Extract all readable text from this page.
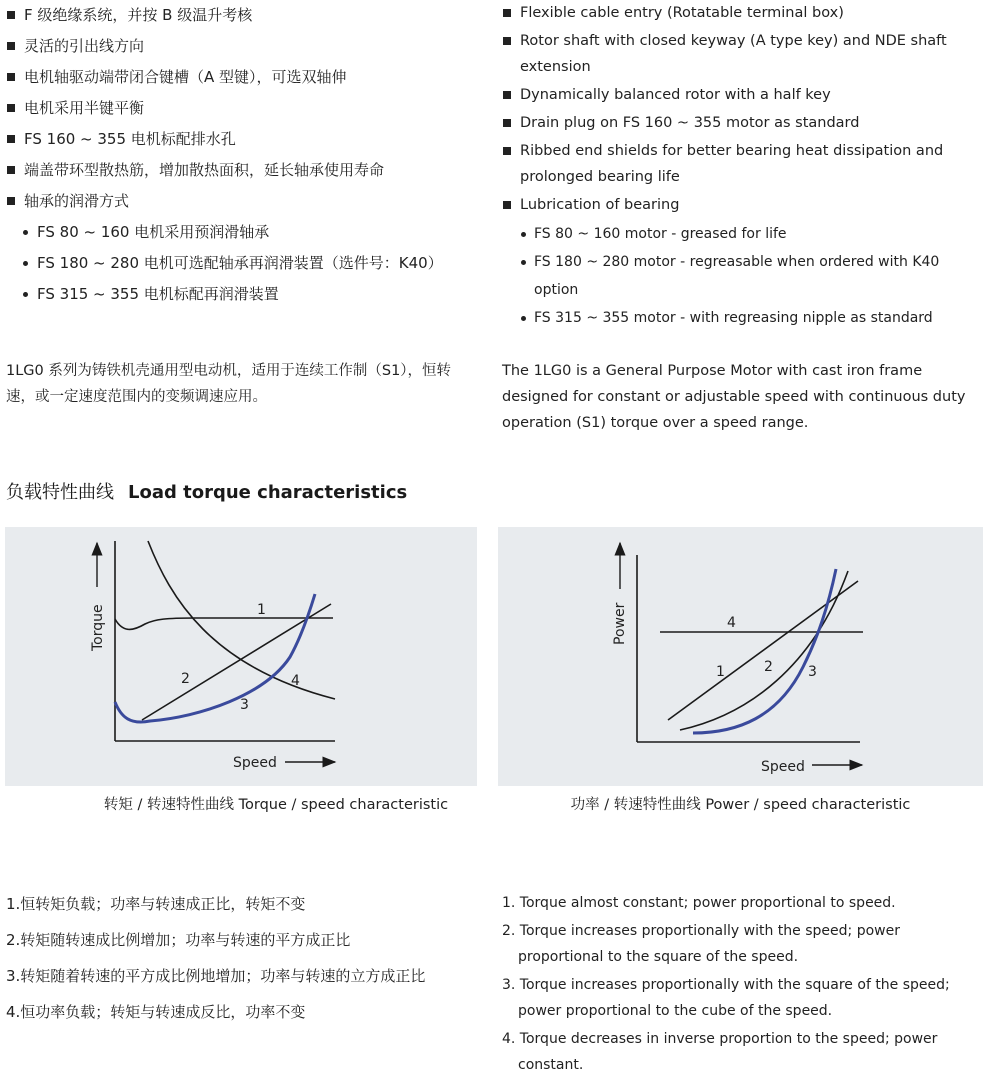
F 级绝缘系统，并按 B 级温升考核
灵活的引出线方向
电机轴驱动端带闭合键槽（A 型键），可选双轴伸
电机采用半键平衡
FS 160 ~ 355 电机标配排水孔
端盖带环型散热筋，增加散热面积，延长轴承使用寿命
轴承的润滑方式
FS 80 ~ 160 电机采用预润滑轴承
FS 180 ~ 280 电机可选配轴承再润滑装置（选件号：K40）
FS 315 ~ 355 电机标配再润滑装置
Flexible cable entry (Rotatable terminal box)
Rotor shaft with closed keyway (A type key) and NDE shaft extension
Dynamically balanced rotor with a half key
Drain plug on FS 160 ~ 355 motor as standard
Ribbed end shields for better bearing heat dissipation and prolonged bearing life
Lubrication of bearing
FS 80 ~ 160 motor - greased for life
FS 180 ~ 280 motor - regreasable when ordered with K40 option
FS 315 ~ 355 motor - with regreasing nipple as standard
1LG0 系列为铸铁机壳通用型电动机，适用于连续工作制（S1），恒转速，或一定速度范围内的变频调速应用。
The 1LG0 is a General Purpose Motor with cast iron frame designed for constant or adjustable speed with continuous duty operation (S1) torque over a speed range.
负载特性曲线 Load torque characteristics
Torque
Speed
1
2
3
4
转矩 / 转速特性曲线 Torque / speed characteristic
Power
Speed
4
1	2	3
功率 / 转速特性曲线 Power / speed characteristic
1.恒转矩负载；功率与转速成正比，转矩不变
2.转矩随转速成比例增加；功率与转速的平方成正比
3.转矩随着转速的平方成比例地增加；功率与转速的立方成正比
4.恒功率负载；转矩与转速成反比，功率不变
1. Torque almost constant; power proportional to speed.
2. Torque increases proportionally with the speed; power proportional to the square of the speed.
3. Torque increases proportionally with the square of the speed; power proportional to the cube of the speed.
4. Torque decreases in inverse proportion to the speed; power constant.
